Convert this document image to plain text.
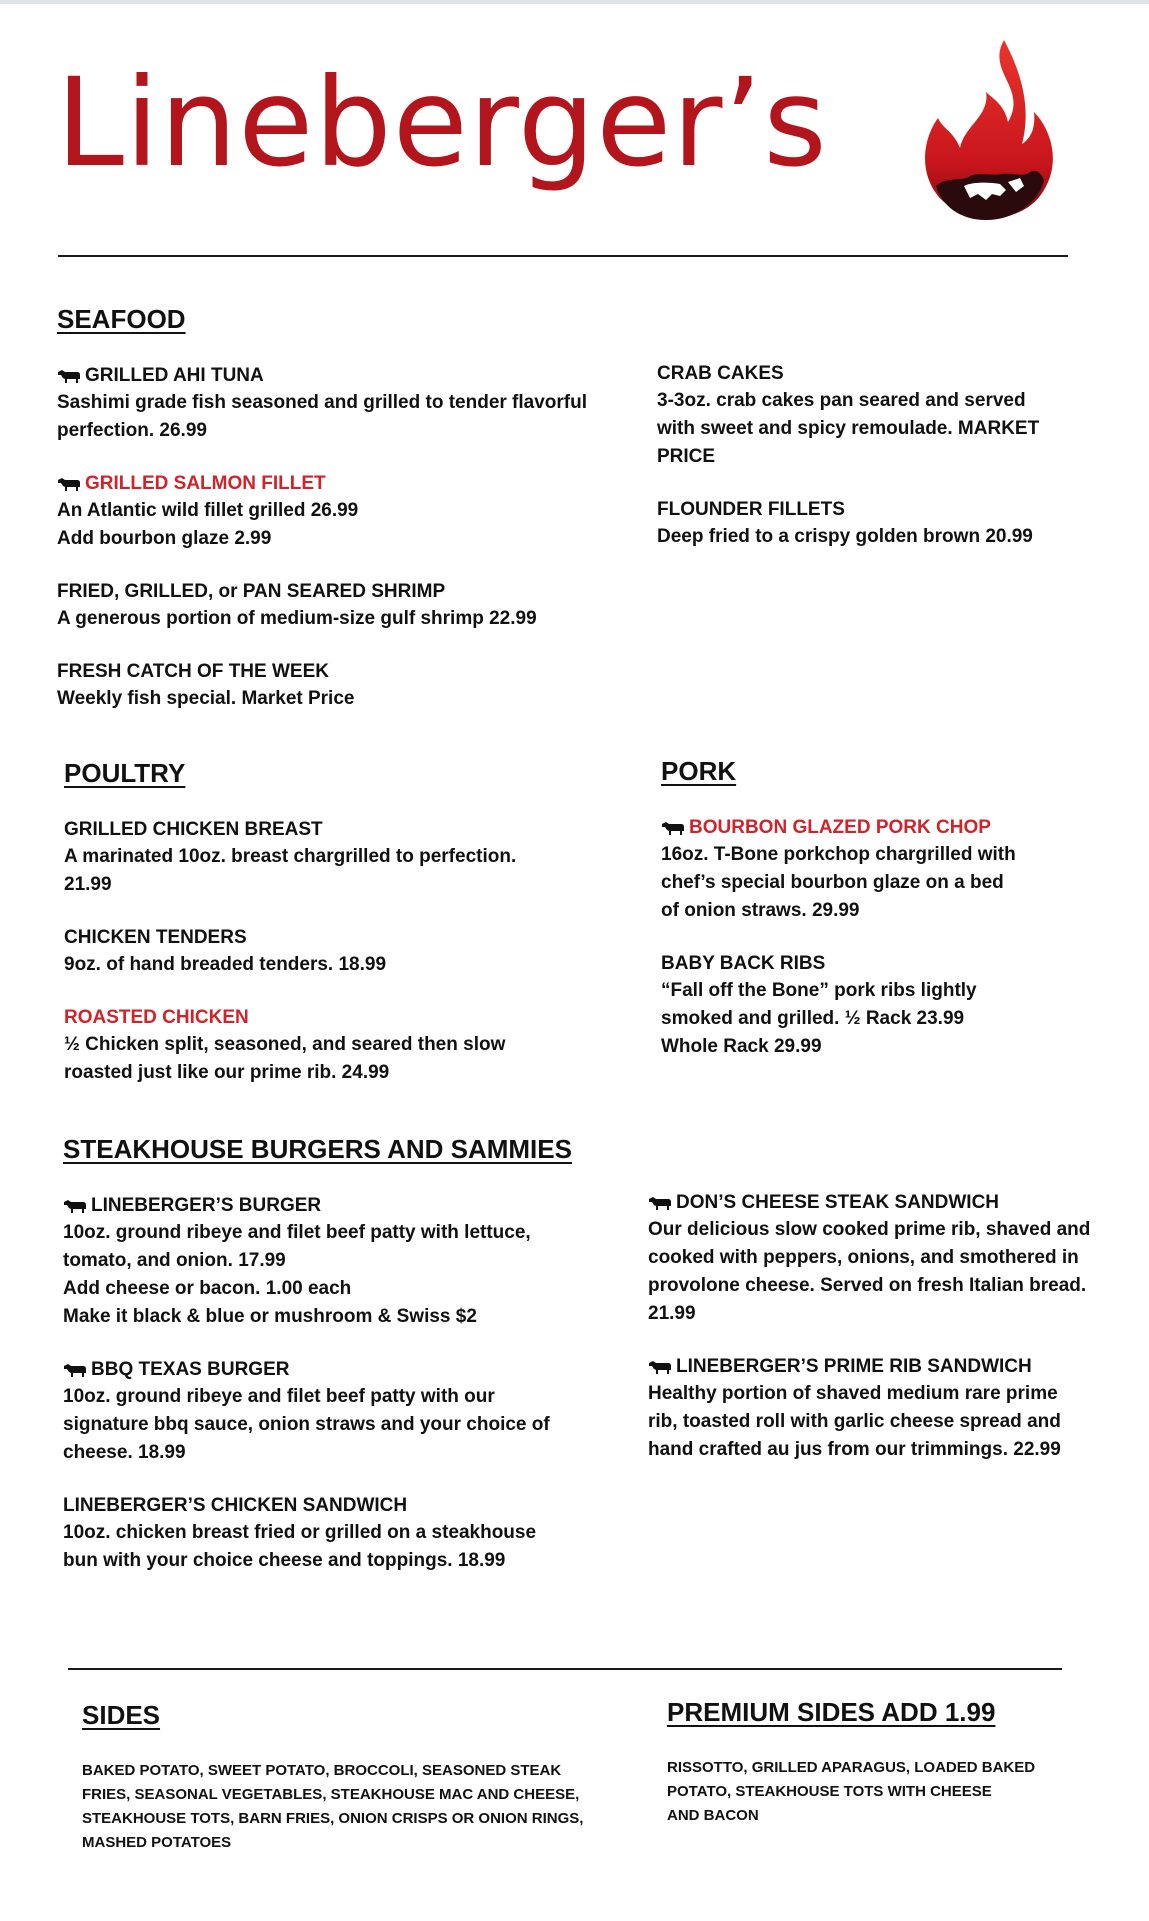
Lineberger’s
SEAFOOD
GRILLED AHI TUNA
Sashimi grade fish seasoned and grilled to tender flavorful
perfection. 26.99
GRILLED SALMON FILLET
An Atlantic wild fillet grilled 26.99
Add bourbon glaze 2.99
FRIED, GRILLED, or PAN SEARED SHRIMP
A generous portion of medium-size gulf shrimp 22.99
FRESH CATCH OF THE WEEK
Weekly fish special. Market Price
CRAB CAKES
3-3oz. crab cakes pan seared and served
with sweet and spicy remoulade. MARKET
PRICE
FLOUNDER FILLETS
Deep fried to a crispy golden brown 20.99
POULTRY
GRILLED CHICKEN BREAST
A marinated 10oz. breast chargrilled to perfection.
21.99
CHICKEN TENDERS
9oz. of hand breaded tenders. 18.99
ROASTED CHICKEN
½ Chicken split, seasoned, and seared then slow
roasted just like our prime rib. 24.99
PORK
BOURBON GLAZED PORK CHOP
16oz. T-Bone porkchop chargrilled with
chef’s special bourbon glaze on a bed
of onion straws. 29.99
BABY BACK RIBS
“Fall off the Bone” pork ribs lightly
smoked and grilled. ½ Rack 23.99
Whole Rack 29.99
STEAKHOUSE BURGERS AND SAMMIES
LINEBERGER’S BURGER
10oz. ground ribeye and filet beef patty with lettuce,
tomato, and onion. 17.99
Add cheese or bacon. 1.00 each
Make it black & blue or mushroom & Swiss $2
BBQ TEXAS BURGER
10oz. ground ribeye and filet beef patty with our
signature bbq sauce, onion straws and your choice of
cheese. 18.99
LINEBERGER’S CHICKEN SANDWICH
10oz. chicken breast fried or grilled on a steakhouse
bun with your choice cheese and toppings. 18.99
DON’S CHEESE STEAK SANDWICH
Our delicious slow cooked prime rib, shaved and
cooked with peppers, onions, and smothered in
provolone cheese. Served on fresh Italian bread.
21.99
LINEBERGER’S PRIME RIB SANDWICH
Healthy portion of shaved medium rare prime
rib, toasted roll with garlic cheese spread and
hand crafted au jus from our trimmings. 22.99
SIDES
BAKED POTATO, SWEET POTATO, BROCCOLI, SEASONED STEAK
FRIES, SEASONAL VEGETABLES, STEAKHOUSE MAC AND CHEESE,
STEAKHOUSE TOTS, BARN FRIES, ONION CRISPS OR ONION RINGS,
MASHED POTATOES
PREMIUM SIDES ADD 1.99
RISSOTTO, GRILLED APARAGUS, LOADED BAKED
POTATO, STEAKHOUSE TOTS WITH CHEESE
AND BACON
